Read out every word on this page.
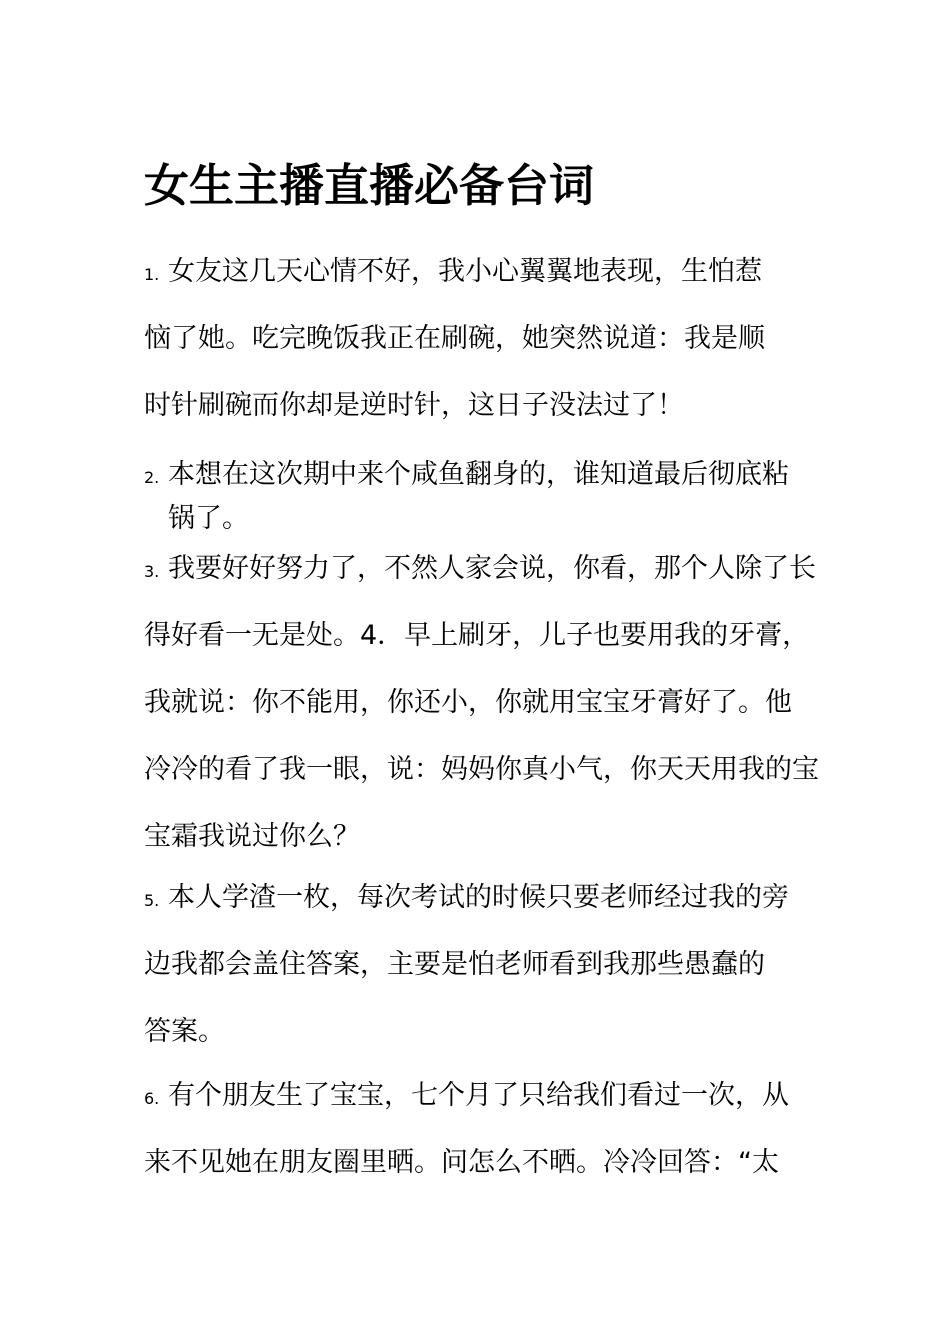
女生主播直播必备台词
1. 女友这几天心情不好，我小心翼翼地表现，生怕惹
恼了她。吃完晚饭我正在刷碗，她突然说道：我是顺
时针刷碗而你却是逆时针，这日子没法过了！
2. 本想在这次期中来个咸鱼翻身的，谁知道最后彻底粘
锅了。
3. 我要好好努力了，不然人家会说，你看，那个人除了长
得好看一无是处。4．早上刷牙，儿子也要用我的牙膏，
我就说：你不能用，你还小，你就用宝宝牙膏好了。他
冷冷的看了我一眼，说：妈妈你真小气，你天天用我的宝
宝霜我说过你么？
5. 本人学渣一枚，每次考试的时候只要老师经过我的旁
边我都会盖住答案，主要是怕老师看到我那些愚蠢的
答案。
6. 有个朋友生了宝宝，七个月了只给我们看过一次，从
来不见她在朋友圈里晒。问怎么不晒。冷冷回答：“太
